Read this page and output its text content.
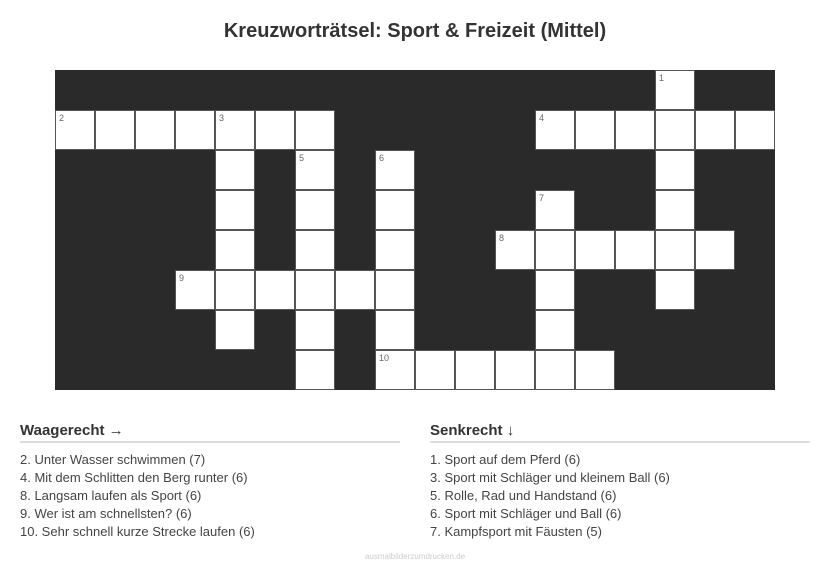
Kreuzworträtsel: Sport & Freizeit (Mittel)
1
2	3	4
5	6
7
8
9
10
Waagerecht →
2. Unter Wasser schwimmen (7)
4. Mit dem Schlitten den Berg runter (6)
8. Langsam laufen als Sport (6)
9. Wer ist am schnellsten? (6)
10. Sehr schnell kurze Strecke laufen (6)
Senkrecht ↓
1. Sport auf dem Pferd (6)
3. Sport mit Schläger und kleinem Ball (6)
5. Rolle, Rad und Handstand (6)
6. Sport mit Schläger und Ball (6)
7. Kampfsport mit Fäusten (5)
ausmalbilderzumdrucken.de
